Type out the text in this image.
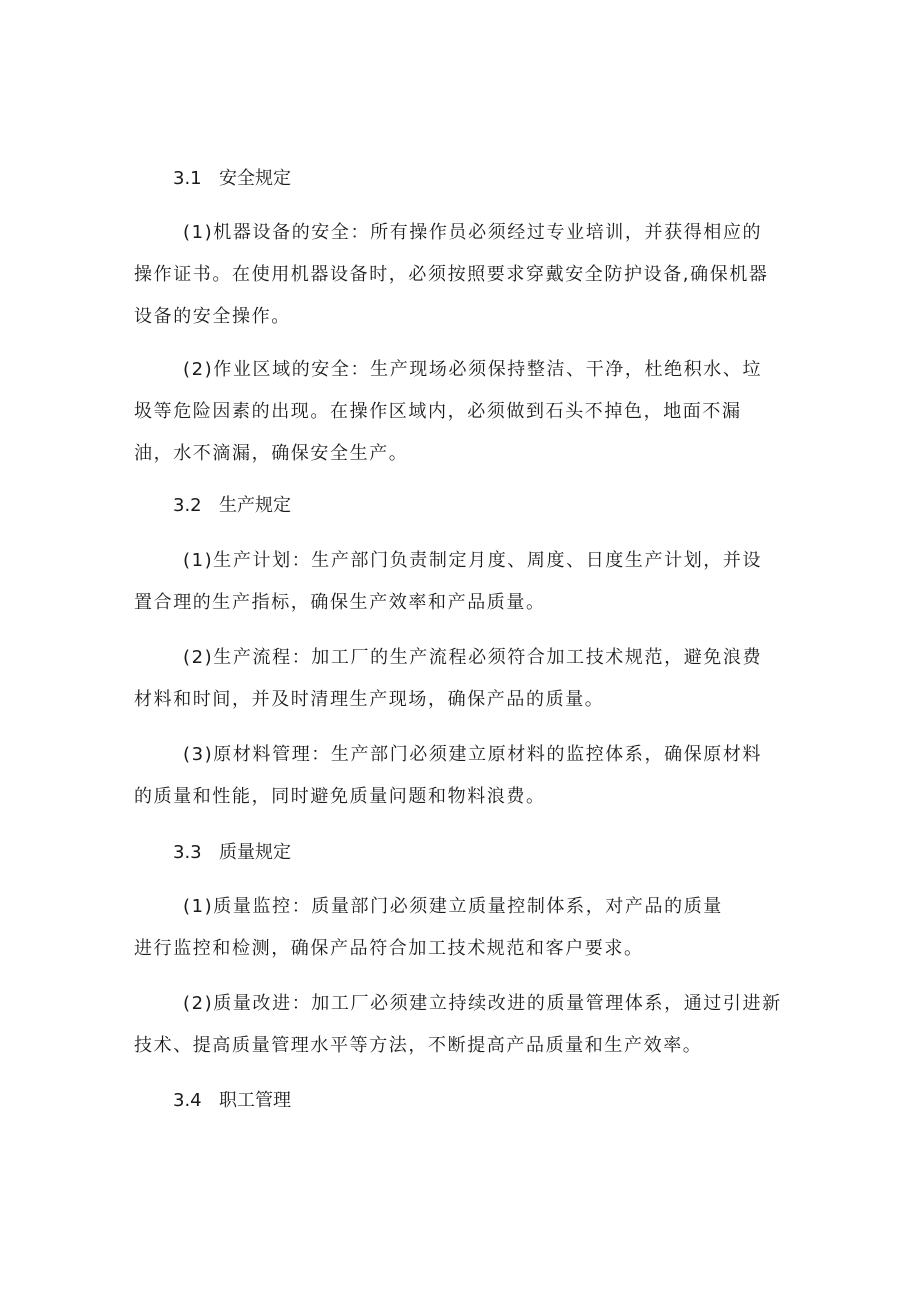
3.1 安全规定
(1)机器设备的安全：所有操作员必须经过专业培训，并获得相应的
操作证书。在使用机器设备时，必须按照要求穿戴安全防护设备,确保机器
设备的安全操作。
(2)作业区域的安全：生产现场必须保持整洁、干净，杜绝积水、垃
圾等危险因素的出现。在操作区域内，必须做到石头不掉色，地面不漏
油，水不滴漏，确保安全生产。
3.2 生产规定
(1)生产计划：生产部门负责制定月度、周度、日度生产计划，并设
置合理的生产指标，确保生产效率和产品质量。
(2)生产流程：加工厂的生产流程必须符合加工技术规范，避免浪费
材料和时间，并及时清理生产现场，确保产品的质量。
(3)原材料管理：生产部门必须建立原材料的监控体系，确保原材料
的质量和性能，同时避免质量问题和物料浪费。
3.3 质量规定
(1)质量监控：质量部门必须建立质量控制体系，对产品的质量
进行监控和检测，确保产品符合加工技术规范和客户要求。
(2)质量改进：加工厂必须建立持续改进的质量管理体系，通过引进新
技术、提高质量管理水平等方法，不断提高产品质量和生产效率。
3.4 职工管理
